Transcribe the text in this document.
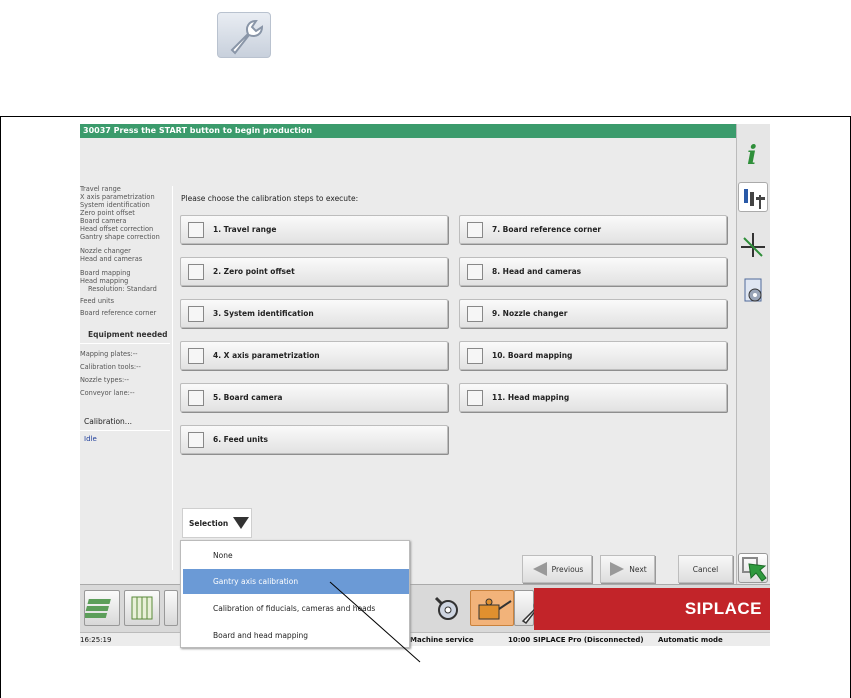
30037 Press the START button to begin production
Travel range
X axis parametrization
System identification
Zero point offset
Board camera
Head offset correction
Gantry shape correction
Nozzle changer
Head and cameras
Board mapping
Head mapping
Resolution: Standard
Feed units
Board reference corner
Equipment needed
Mapping plates:--
Calibration tools:--
Nozzle types:--
Conveyor lane:--
Calibration...
Idle
Please choose the calibration steps to execute:
1. Travel range
2. Zero point offset
3. System identification
4. X axis parametrization
5. Board camera
6. Feed units
7. Board reference corner
8. Head and cameras
9. Nozzle changer
10. Board mapping
11. Head mapping
i
Previous	Next	Cancel
SIPLACE
16:25:19	Machine service	10:00 SIPLACE Pro (Disconnected) Automatic mode
Selection
None
Gantry axis calibration
Calibration of fiducials, cameras and heads
Board and head mapping
